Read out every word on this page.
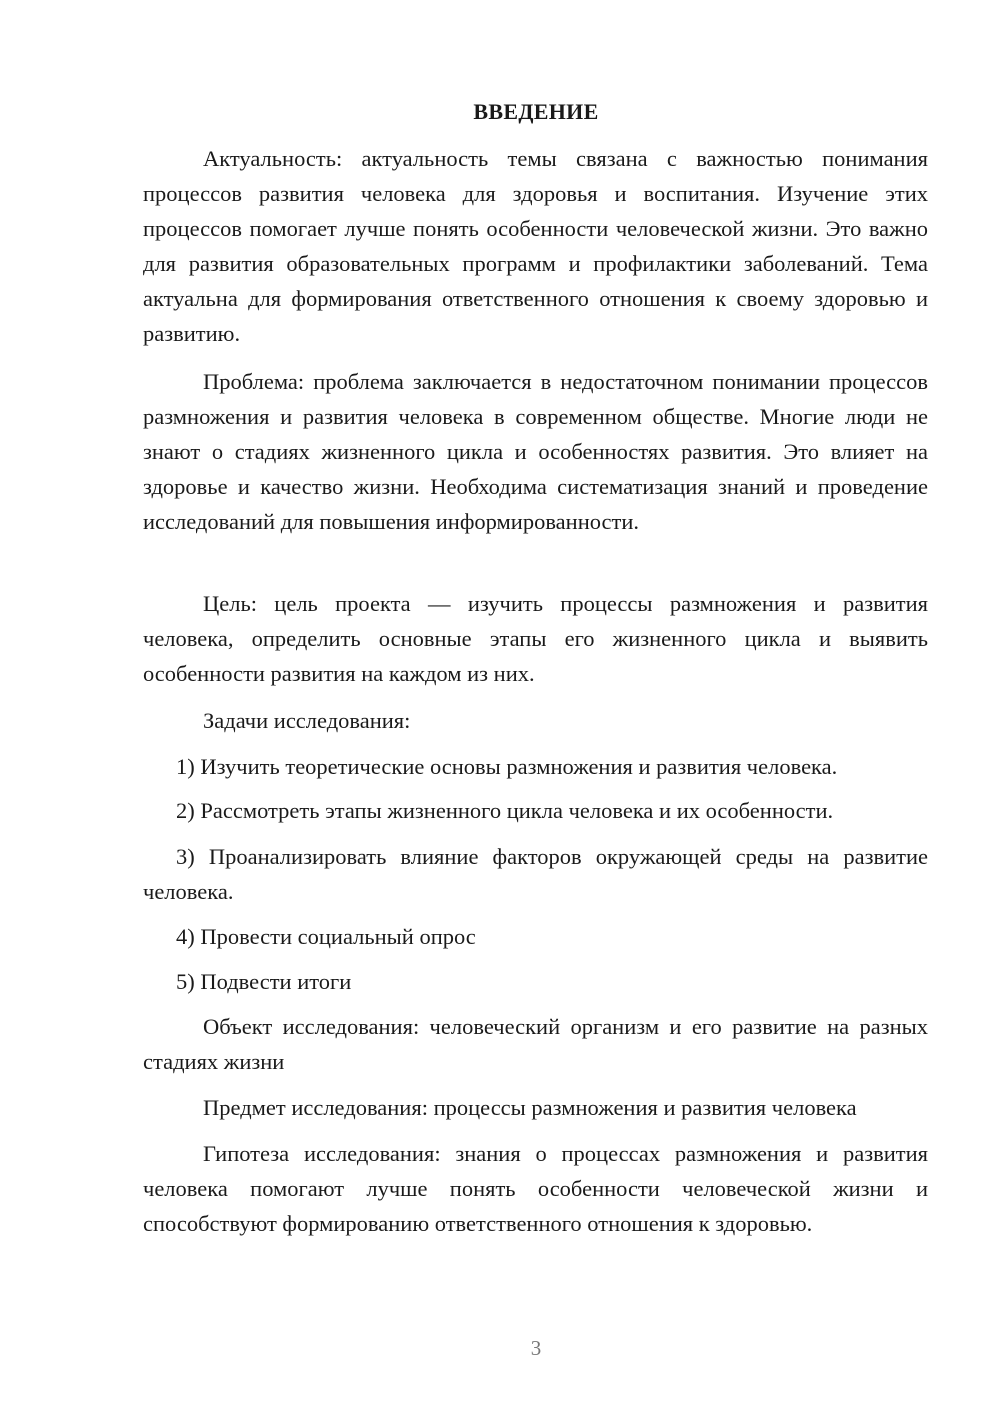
ВВЕДЕНИЕ

Актуальность: актуальность темы связана с важностью понимания процессов развития человека для здоровья и воспитания. Изучение этих процессов помогает лучше понять особенности человеческой жизни. Это важно для развития образовательных программ и профилактики заболеваний. Тема актуальна для формирования ответственного отношения к своему здоровью и развитию.

Проблема: проблема заключается в недостаточном понимании процессов размножения и развития человека в современном обществе. Многие люди не знают о стадиях жизненного цикла и особенностях развития. Это влияет на здоровье и качество жизни. Необходима систематизация знаний и проведение исследований для повышения информированности.

Цель: цель проекта — изучить процессы размножения и развития человека, определить основные этапы его жизненного цикла и выявить особенности развития на каждом из них.

Задачи исследования:

1) Изучить теоретические основы размножения и развития человека.

2) Рассмотреть этапы жизненного цикла человека и их особенности.

3) Проанализировать влияние факторов окружающей среды на развитие человека.

4) Провести социальный опрос

5) Подвести итоги

Объект исследования: человеческий организм и его развитие на разных стадиях жизни

Предмет исследования: процессы размножения и развития человека

Гипотеза исследования: знания о процессах размножения и развития человека помогают лучше понять особенности человеческой жизни и способствуют формированию ответственного отношения к здоровью.

3
